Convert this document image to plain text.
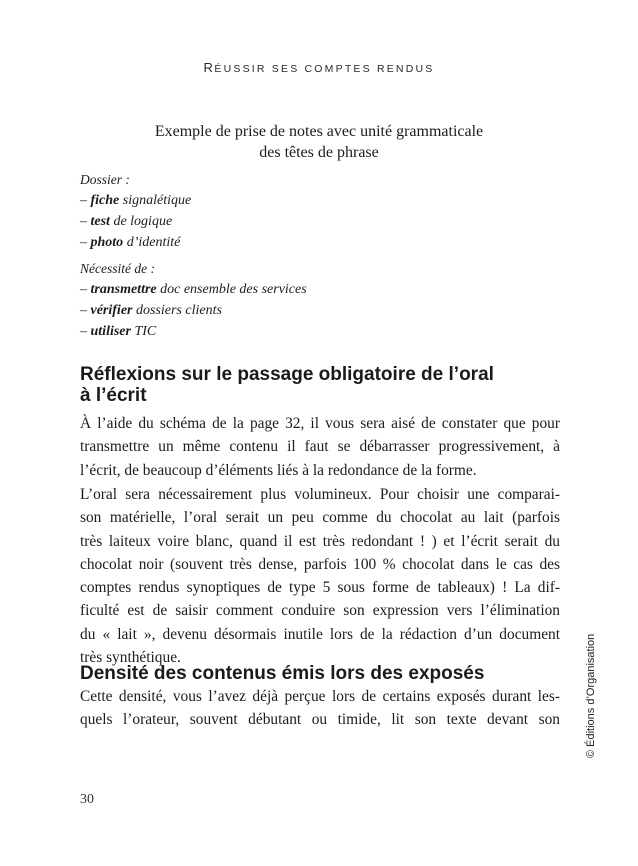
RÉUSSIR SES COMPTES RENDUS
Exemple de prise de notes avec unité grammaticale
des têtes de phrase
Dossier :
– fiche signalétique
– test de logique
– photo d’identité
Nécessité de :
– transmettre doc ensemble des services
– vérifier dossiers clients
– utiliser TIC
Réflexions sur le passage obligatoire de l’oral
à l’écrit
À l’aide du schéma de la page 32, il vous sera aisé de constater que pour
transmettre un même contenu il faut se débarrasser progressivement, à
l’écrit, de beaucoup d’éléments liés à la redondance de la forme.
L’oral sera nécessairement plus volumineux. Pour choisir une comparai-
son matérielle, l’oral serait un peu comme du chocolat au lait (parfois
très laiteux voire blanc, quand il est très redondant ! ) et l’écrit serait du
chocolat noir (souvent très dense, parfois 100 % chocolat dans le cas des
comptes rendus synoptiques de type 5 sous forme de tableaux) ! La dif-
ficulté est de saisir comment conduire son expression vers l’élimination
du « lait », devenu désormais inutile lors de la rédaction d’un document
très synthétique.
Densité des contenus émis lors des exposés
Cette densité, vous l’avez déjà perçue lors de certains exposés durant les-
quels l’orateur, souvent débutant ou timide, lit son texte devant son © Éditions d’Organisation
30
